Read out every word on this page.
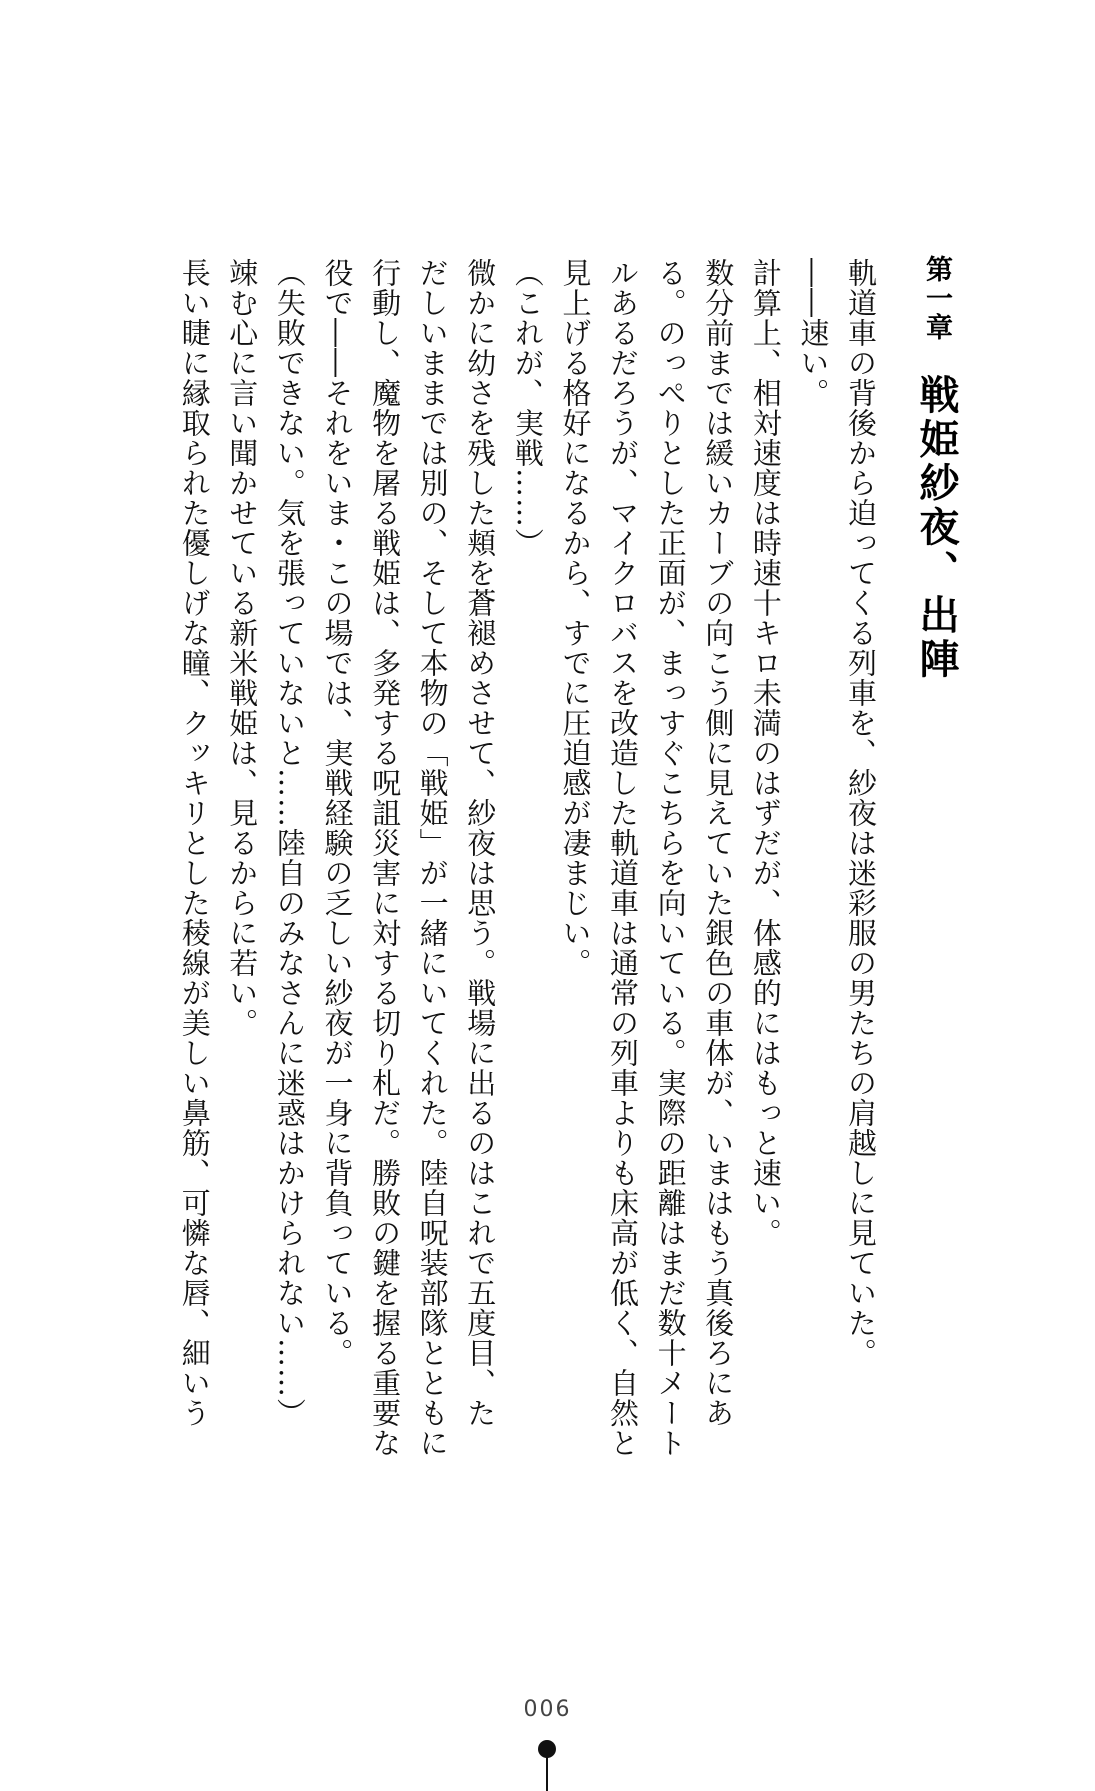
第一章 戦姫紗夜、出陣
軌道車の背後から迫ってくる列車を、紗夜は迷彩服の男たちの肩越しに見ていた。
――速い。
計算上、相対速度は時速十キロ未満のはずだが、体感的にはもっと速い。
数分前までは緩いカーブの向こう側に見えていた銀色の車体が、いまはもう真後ろにあ
る。のっぺりとした正面が、まっすぐこちらを向いている。実際の距離はまだ数十メート
ルあるだろうが、マイクロバスを改造した軌道車は通常の列車よりも床高が低く、自然と
見上げる格好になるから、すでに圧迫感が凄まじい。
（これが、実戦……）
微かに幼さを残した頬を蒼褪めさせて、紗夜は思う。戦場に出るのはこれで五度目、た
だしいままでは別の、そして本物の「戦姫」が一緒にいてくれた。陸自呪装部隊とともに
行動し、魔物を屠る戦姫は、多発する呪詛災害に対する切り札だ。勝敗の鍵を握る重要な
役で――それをいま・この場では、実戦経験の乏しい紗夜が一身に背負っている。
（失敗できない。気を張っていないと……陸自のみなさんに迷惑はかけられない……）
竦む心に言い聞かせている新米戦姫は、見るからに若い。
長い睫に縁取られた優しげな瞳、クッキリとした稜線が美しい鼻筋、可憐な唇、細いう
006
